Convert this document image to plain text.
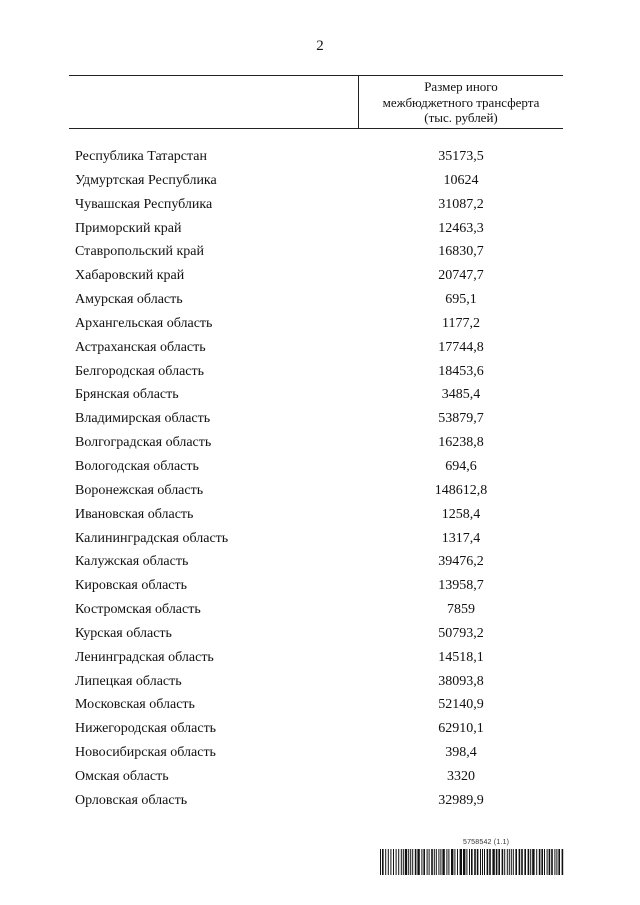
2
Размер иного
межбюджетного трансферта
(тыс. рублей)
Республика Татарстан	35173,5
Удмуртская Республика	10624
Чувашская Республика	31087,2
Приморский край	12463,3
Ставропольский край	16830,7
Хабаровский край	20747,7
Амурская область	695,1
Архангельская область	1177,2
Астраханская область	17744,8
Белгородская область	18453,6
Брянская область	3485,4
Владимирская область	53879,7
Волгоградская область	16238,8
Вологодская область	694,6
Воронежская область	148612,8
Ивановская область	1258,4
Калининградская область	1317,4
Калужская область	39476,2
Кировская область	13958,7
Костромская область	7859
Курская область	50793,2
Ленинградская область	14518,1
Липецкая область	38093,8
Московская область	52140,9
Нижегородская область	62910,1
Новосибирская область	398,4
Омская область	3320
Орловская область	32989,9
5758542 (1.1)
